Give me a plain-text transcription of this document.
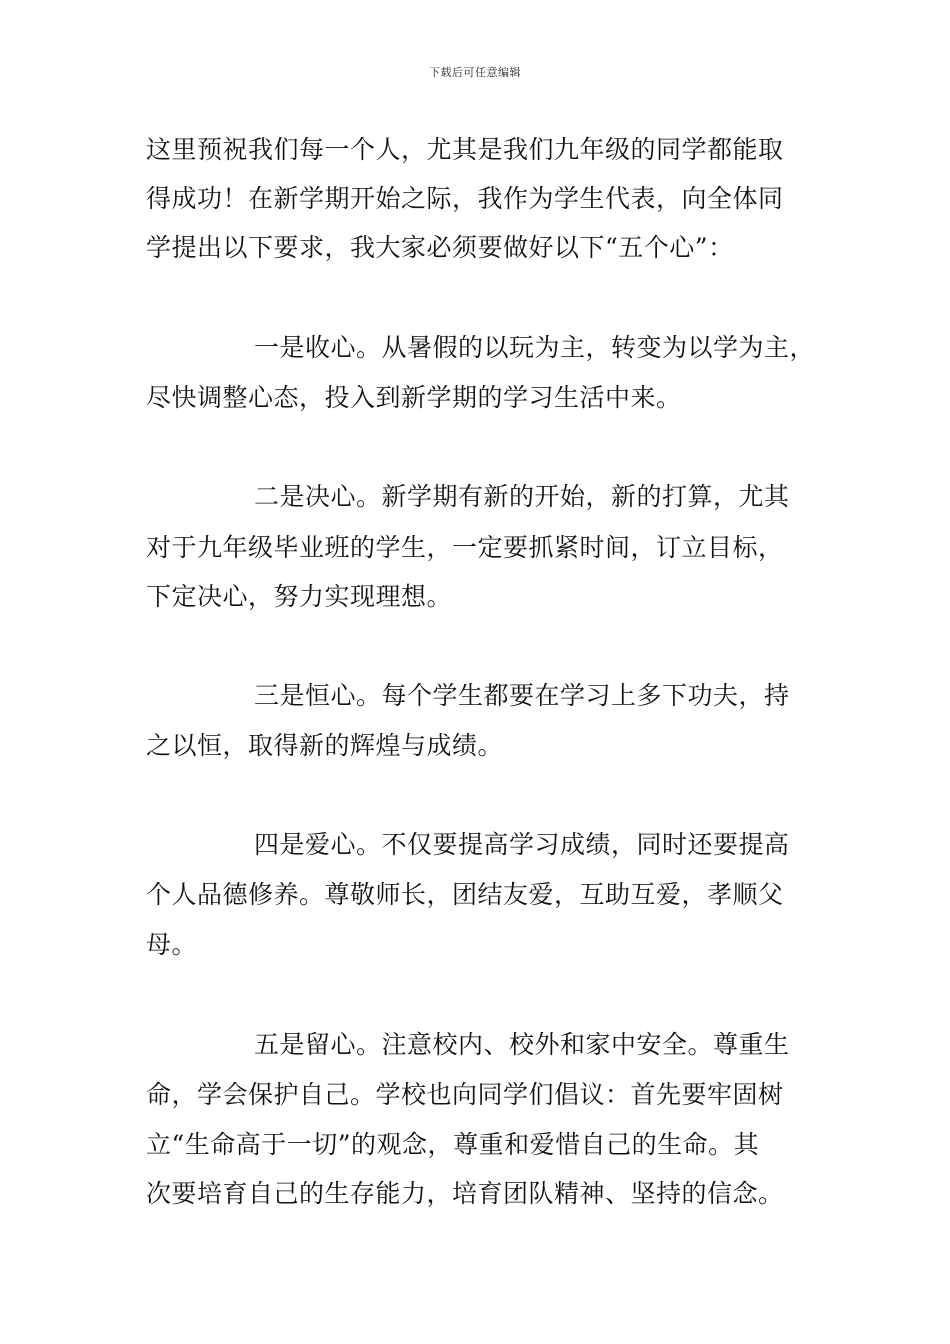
下载后可任意编辑
这里预祝我们每一个人，尤其是我们九年级的同学都能取
得成功！在新学期开始之际，我作为学生代表，向全体同
学提出以下要求，我大家必须要做好以下“五个心”：
一是收心。从暑假的以玩为主，转变为以学为主，
尽快调整心态，投入到新学期的学习生活中来。
二是决心。新学期有新的开始，新的打算，尤其
对于九年级毕业班的学生，一定要抓紧时间，订立目标，
下定决心，努力实现理想。
三是恒心。每个学生都要在学习上多下功夫，持
之以恒，取得新的辉煌与成绩。
四是爱心。不仅要提高学习成绩，同时还要提高
个人品德修养。尊敬师长，团结友爱，互助互爱，孝顺父
母。
五是留心。注意校内、校外和家中安全。尊重生
命，学会保护自己。学校也向同学们倡议：首先要牢固树
立“生命高于一切”的观念，尊重和爱惜自己的生命。其
次要培育自己的生存能力，培育团队精神、坚持的信念。
